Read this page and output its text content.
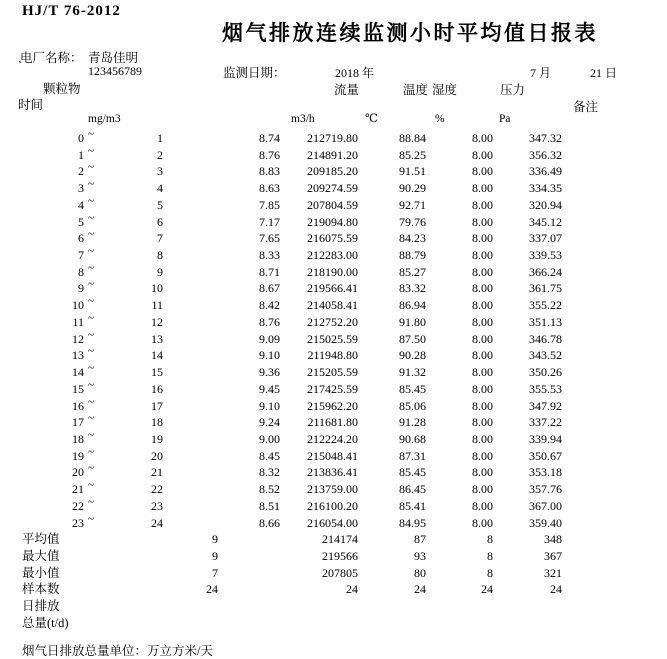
HJ/T 76-2012
烟气排放连续监测小时平均值日报表
电厂名称： 青岛佳明
`	123456789	监测日期：	2018 年	7 月	21 日
颗粒物	流量	温度 湿度	压力
时间	备注
mg/m3	m3/h	℃	%	Pa
0 ~	1	8.74 212719.80	88.84	8.00	347.32
1 ~	2	8.76 214891.20	85.25	8.00	356.32
2 ~	3	8.83 209185.20	91.51	8.00	336.49
3 ~	4	8.63 209274.59	90.29	8.00	334.35
4 ~	5	7.85 207804.59	92.71	8.00	320.94
5 ~	6	7.17 219094.80	79.76	8.00	345.12
6 ~	7	7.65 216075.59	84.23	8.00	337.07
7 ~	8	8.33 212283.00	88.79	8.00	339.53
8 ~	9	8.71 218190.00	85.27	8.00	366.24
9 ~	10	8.67 219566.41	83.32	8.00	361.75
10 ~	11	8.42 214058.41	86.94	8.00	355.22
11 ~	12	8.76 212752.20	91.80	8.00	351.13
12 ~	13	9.09 215025.59	87.50	8.00	346.78
13 ~	14	9.10 211948.80	90.28	8.00	343.52
14 ~	15	9.36 215205.59	91.32	8.00	350.26
15 ~	16	9.45 217425.59	85.45	8.00	355.53
16 ~	17	9.10 215962.20	85.06	8.00	347.92
17 ~	18	9.24 211681.80	91.28	8.00	337.22
18 ~	19	9.00 212224.20	90.68	8.00	339.94
19 ~	20	8.45 215048.41	87.31	8.00	350.67
20 ~	21	8.32 213836.41	85.45	8.00	353.18
21 ~	22	8.52 213759.00	86.45	8.00	357.76
22 ~	23	8.51 216100.20	85.41	8.00	367.00
23 ~	24	8.66 216054.00	84.95	8.00	359.40
平均值	9	214174	87	8	348
最大值	9	219566	93	8	367
最小值	7	207805	80	8	321
样本数	24	24	24	24	24
日排放
总量(t/d)
烟气日排放总量单位：万立方米/天
